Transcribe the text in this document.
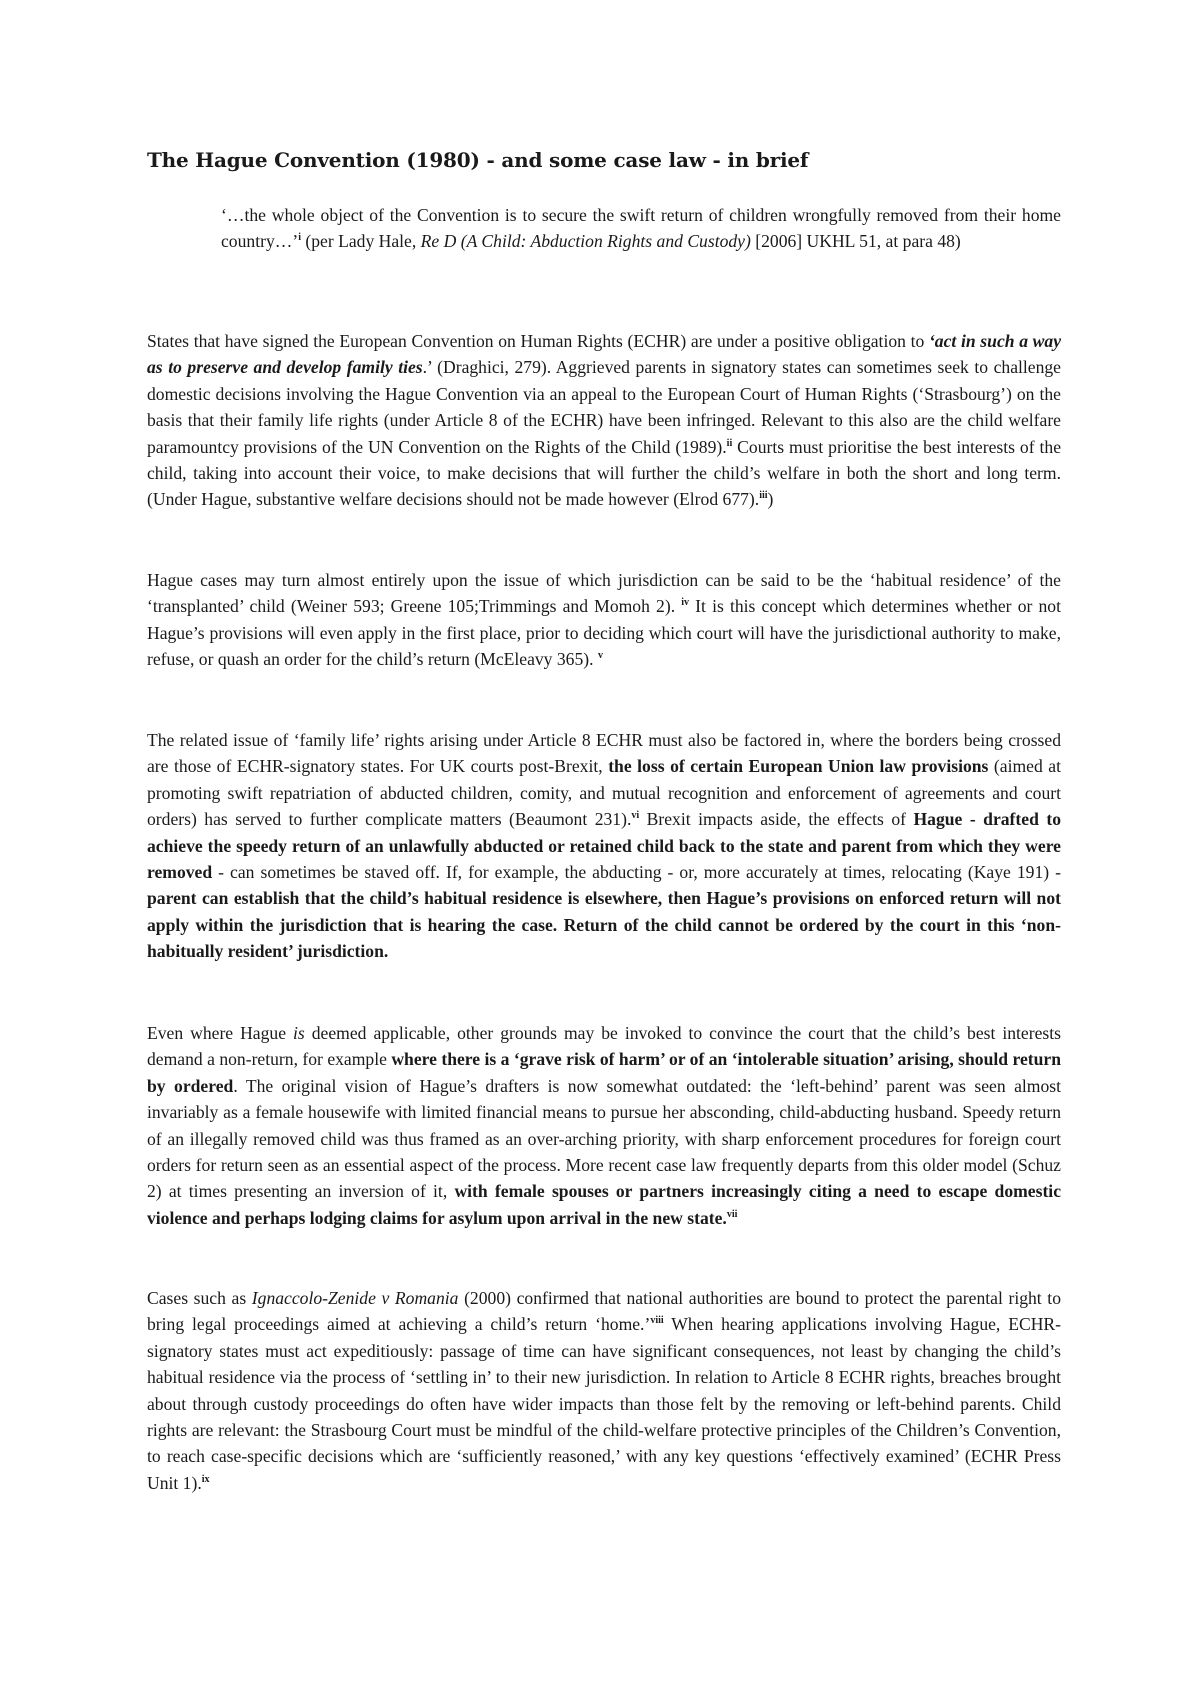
The Hague Convention (1980) - and some case law - in brief

‘…the whole object of the Convention is to secure the swift return of children wrongfully removed from their home country…’$^i$ (per Lady Hale, Re D (A Child: Abduction Rights and Custody) [2006] UKHL 51, at para 48)

States that have signed the European Convention on Human Rights (ECHR) are under a positive obligation to ‘act in such a way as to preserve and develop family ties.’ (Draghici, 279). Aggrieved parents in signatory states can sometimes seek to challenge domestic decisions involving the Hague Convention via an appeal to the European Court of Human Rights (‘Strasbourg’) on the basis that their family life rights (under Article 8 of the ECHR) have been infringed. Relevant to this also are the child welfare paramountcy provisions of the UN Convention on the Rights of the Child (1989).$^{ii}$ Courts must prioritise the best interests of the child, taking into account their voice, to make decisions that will further the child’s welfare in both the short and long term. (Under Hague, substantive welfare decisions should not be made however (Elrod 677).$^{iii}$)

Hague cases may turn almost entirely upon the issue of which jurisdiction can be said to be the ‘habitual residence’ of the ‘transplanted’ child (Weiner 593; Greene 105;Trimmings and Momoh 2). $^{iv}$ It is this concept which determines whether or not Hague’s provisions will even apply in the first place, prior to deciding which court will have the jurisdictional authority to make, refuse, or quash an order for the child’s return (McEleavy 365). $^v$

The related issue of ‘family life’ rights arising under Article 8 ECHR must also be factored in, where the borders being crossed are those of ECHR-signatory states. For UK courts post-Brexit, the loss of certain European Union law provisions (aimed at promoting swift repatriation of abducted children, comity, and mutual recognition and enforcement of agreements and court orders) has served to further complicate matters (Beaumont 231).$^{vi}$ Brexit impacts aside, the effects of Hague - drafted to achieve the speedy return of an unlawfully abducted or retained child back to the state and parent from which they were removed - can sometimes be staved off. If, for example, the abducting - or, more accurately at times, relocating (Kaye 191) - parent can establish that the child’s habitual residence is elsewhere, then Hague’s provisions on enforced return will not apply within the jurisdiction that is hearing the case. Return of the child cannot be ordered by the court in this ‘non-habitually resident’ jurisdiction.

Even where Hague is deemed applicable, other grounds may be invoked to convince the court that the child’s best interests demand a non-return, for example where there is a ‘grave risk of harm’ or of an ‘intolerable situation’ arising, should return by ordered. The original vision of Hague’s drafters is now somewhat outdated: the ‘left-behind’ parent was seen almost invariably as a female housewife with limited financial means to pursue her absconding, child-abducting husband. Speedy return of an illegally removed child was thus framed as an over-arching priority, with sharp enforcement procedures for foreign court orders for return seen as an essential aspect of the process. More recent case law frequently departs from this older model (Schuz 2) at times presenting an inversion of it, with female spouses or partners increasingly citing a need to escape domestic violence and perhaps lodging claims for asylum upon arrival in the new state.$^{vii}$

Cases such as Ignaccolo-Zenide v Romania (2000) confirmed that national authorities are bound to protect the parental right to bring legal proceedings aimed at achieving a child’s return ‘home.’$^{viii}$ When hearing applications involving Hague, ECHR-signatory states must act expeditiously: passage of time can have significant consequences, not least by changing the child’s habitual residence via the process of ‘settling in’ to their new jurisdiction. In relation to Article 8 ECHR rights, breaches brought about through custody proceedings do often have wider impacts than those felt by the removing or left-behind parents. Child rights are relevant: the Strasbourg Court must be mindful of the child-welfare protective principles of the Children’s Convention, to reach case-specific decisions which are ‘sufficiently reasoned,’ with any key questions ‘effectively examined’ (ECHR Press Unit 1).$^{ix}$
